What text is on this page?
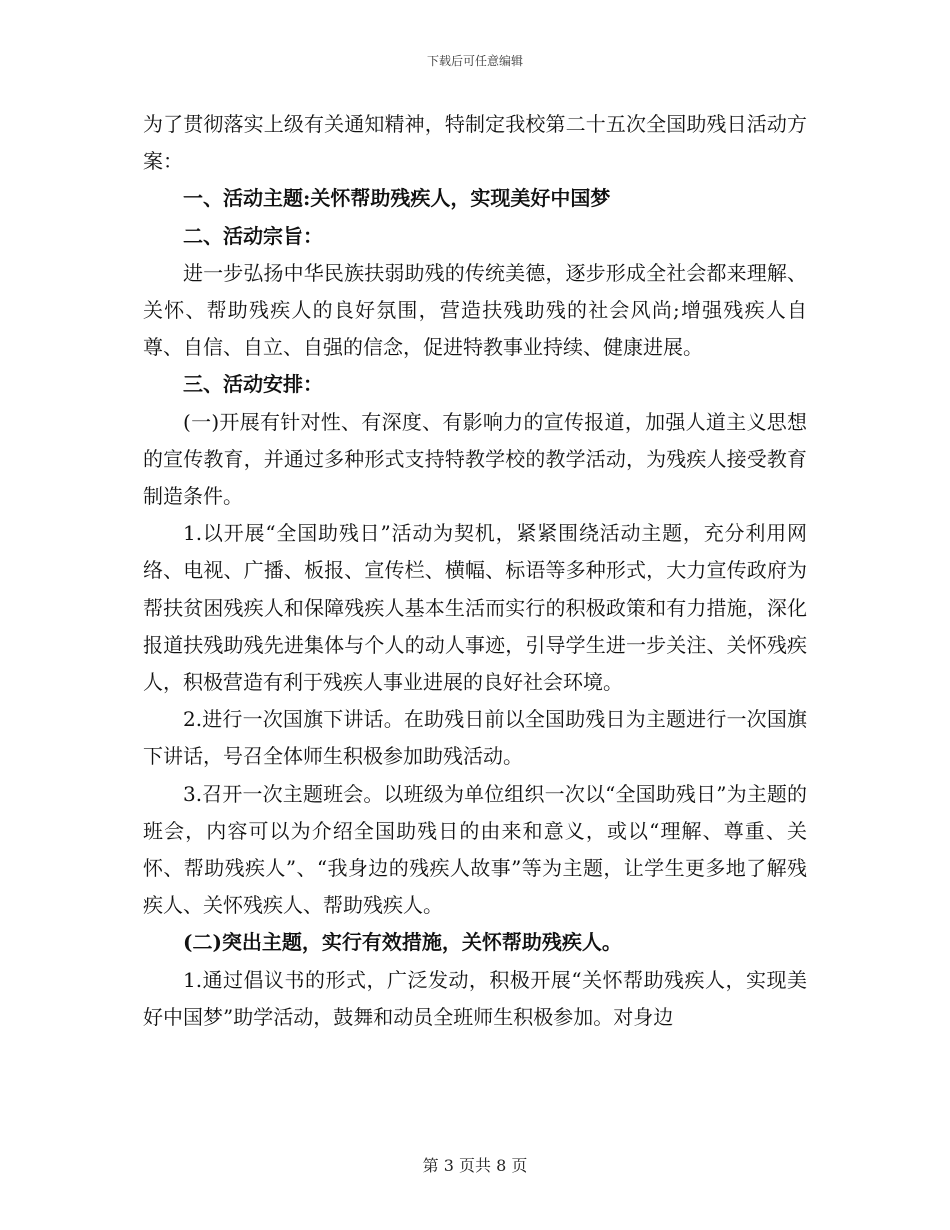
下载后可任意编辑

为了贯彻落实上级有关通知精神，特制定我校第二十五次全国助残日活动方案：

一、活动主题:关怀帮助残疾人，实现美好中国梦

二、活动宗旨：

进一步弘扬中华民族扶弱助残的传统美德，逐步形成全社会都来理解、关怀、帮助残疾人的良好氛围，营造扶残助残的社会风尚;增强残疾人自尊、自信、自立、自强的信念，促进特教事业持续、健康进展。

三、活动安排：

(一)开展有针对性、有深度、有影响力的宣传报道，加强人道主义思想的宣传教育，并通过多种形式支持特教学校的教学活动，为残疾人接受教育制造条件。

1.以开展“全国助残日”活动为契机，紧紧围绕活动主题，充分利用网络、电视、广播、板报、宣传栏、横幅、标语等多种形式，大力宣传政府为帮扶贫困残疾人和保障残疾人基本生活而实行的积极政策和有力措施，深化报道扶残助残先进集体与个人的动人事迹，引导学生进一步关注、关怀残疾人，积极营造有利于残疾人事业进展的良好社会环境。

2.进行一次国旗下讲话。在助残日前以全国助残日为主题进行一次国旗下讲话，号召全体师生积极参加助残活动。

3.召开一次主题班会。以班级为单位组织一次以“全国助残日”为主题的班会，内容可以为介绍全国助残日的由来和意义，或以“理解、尊重、关怀、帮助残疾人”、“我身边的残疾人故事”等为主题，让学生更多地了解残疾人、关怀残疾人、帮助残疾人。

(二)突出主题，实行有效措施，关怀帮助残疾人。

1.通过倡议书的形式，广泛发动，积极开展“关怀帮助残疾人，实现美好中国梦”助学活动，鼓舞和动员全班师生积极参加。对身边

第 3 页共 8 页
